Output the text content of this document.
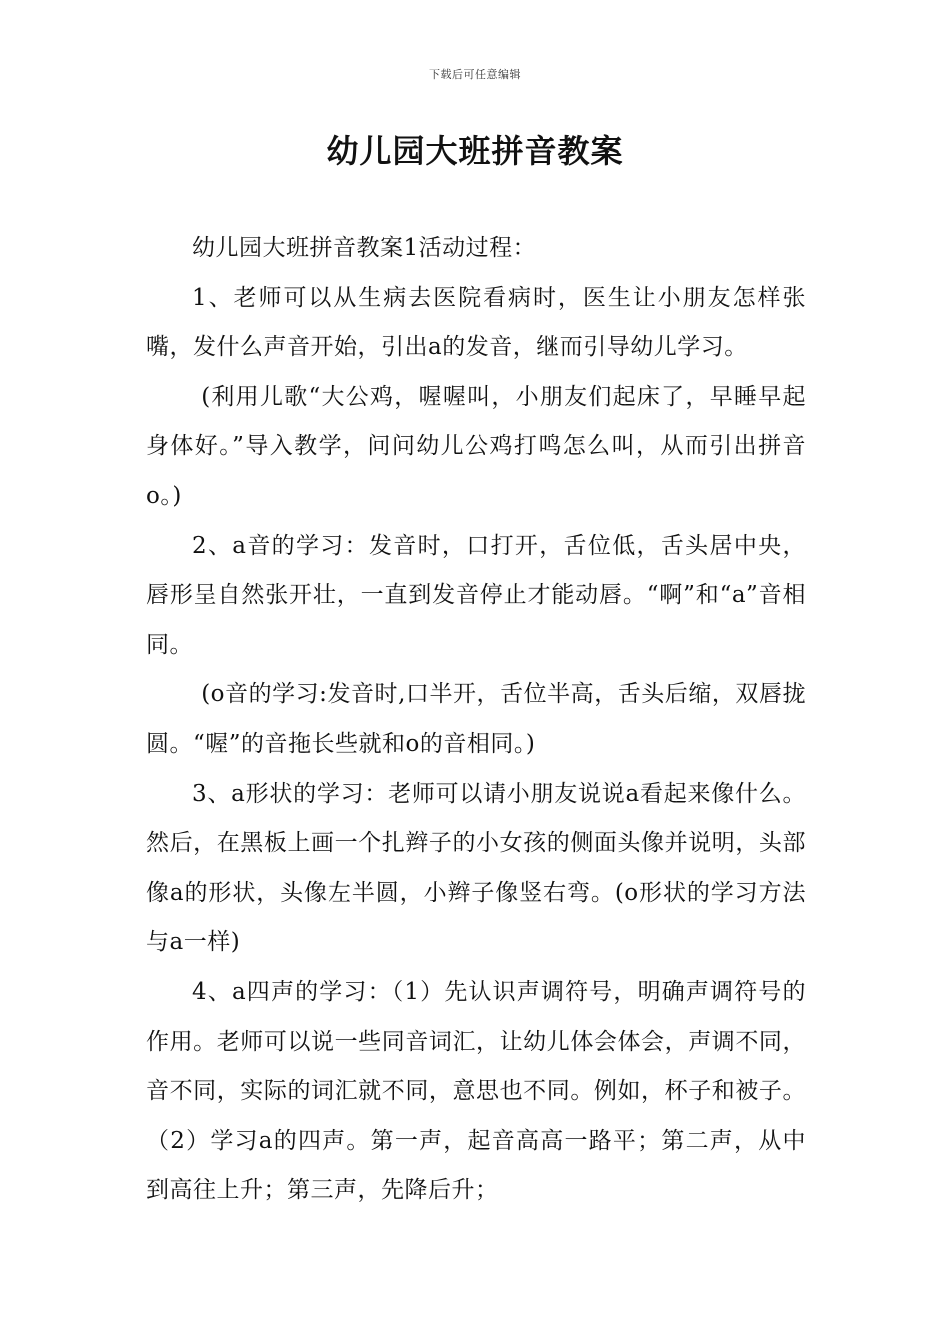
下载后可任意编辑
幼儿园大班拼音教案

幼儿园大班拼音教案1活动过程：

1、老师可以从生病去医院看病时，医生让小朋友怎样张嘴，发什么声音开始，引出a的发音，继而引导幼儿学习。

(利用儿歌“大公鸡，喔喔叫，小朋友们起床了，早睡早起身体好。”导入教学，问问幼儿公鸡打鸣怎么叫，从而引出拼音o。)

2、a音的学习：发音时，口打开，舌位低，舌头居中央，唇形呈自然张开壮，一直到发音停止才能动唇。“啊”和“a”音相同。

(o音的学习:发音时,口半开，舌位半高，舌头后缩，双唇拢圆。“喔”的音拖长些就和o的音相同。)

3、a形状的学习：老师可以请小朋友说说a看起来像什么。然后，在黑板上画一个扎辫子的小女孩的侧面头像并说明，头部像a的形状，头像左半圆，小辫子像竖右弯。(o形状的学习方法与a一样)

4、a四声的学习：（1）先认识声调符号，明确声调符号的作用。老师可以说一些同音词汇，让幼儿体会体会，声调不同，音不同，实际的词汇就不同，意思也不同。例如，杯子和被子。（2）学习a的四声。第一声，起音高高一路平；第二声，从中到高往上升；第三声，先降后升；
